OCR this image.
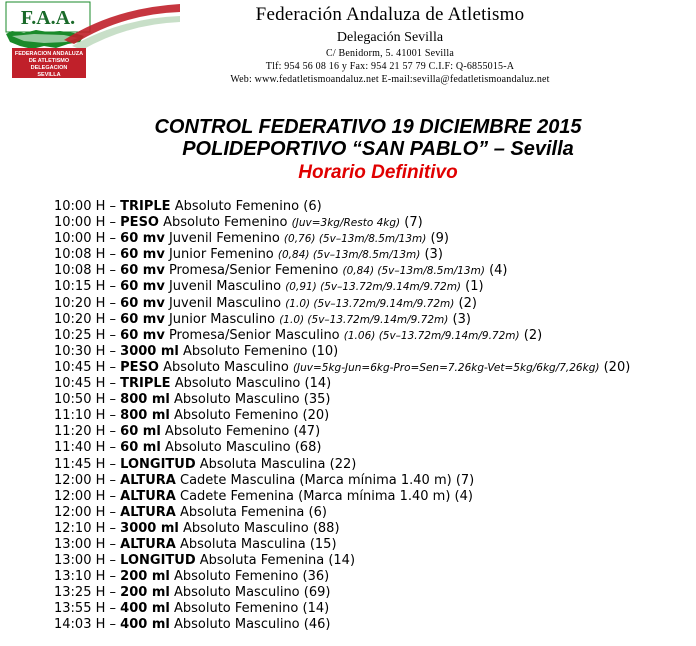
F.A.A.
FEDERACION ANDALUZA
DE ATLETISMO
DELEGACION
SEVILLA
Federación Andaluza de Atletismo
Delegación Sevilla
C/ Benidorm, 5. 41001 Sevilla
Tlf: 954 56 08 16 y Fax: 954 21 57 79 C.I.F: Q-6855015-A
Web: www.fedatletismoandaluz.net E-mail:sevilla@fedatletismoandaluz.net
CONTROL FEDERATIVO 19 DICIEMBRE 2015
POLIDEPORTIVO “SAN PABLO” – Sevilla
Horario Definitivo
10:00 H – TRIPLE Absoluto Femenino (6)
10:00 H – PESO Absoluto Femenino (Juv=3kg/Resto 4kg) (7)
10:00 H – 60 mv Juvenil Femenino (0,76) (5v–13m/8.5m/13m) (9)
10:08 H – 60 mv Junior Femenino (0,84) (5v–13m/8.5m/13m) (3)
10:08 H – 60 mv Promesa/Senior Femenino (0,84) (5v–13m/8.5m/13m) (4)
10:15 H – 60 mv Juvenil Masculino (0,91) (5v–13.72m/9.14m/9.72m) (1)
10:20 H – 60 mv Juvenil Masculino (1.0) (5v–13.72m/9.14m/9.72m) (2)
10:20 H – 60 mv Junior Masculino (1.0) (5v–13.72m/9.14m/9.72m) (3)
10:25 H – 60 mv Promesa/Senior Masculino (1.06) (5v–13.72m/9.14m/9.72m) (2)
10:30 H – 3000 ml Absoluto Femenino (10)
10:45 H – PESO Absoluto Masculino (Juv=5kg-Jun=6kg-Pro=Sen=7.26kg-Vet=5kg/6kg/7,26kg) (20)
10:45 H – TRIPLE Absoluto Masculino (14)
10:50 H – 800 ml Absoluto Masculino (35)
11:10 H – 800 ml Absoluto Femenino (20)
11:20 H – 60 ml Absoluto Femenino (47)
11:40 H – 60 ml Absoluto Masculino (68)
11:45 H – LONGITUD Absoluta Masculina (22)
12:00 H – ALTURA Cadete Masculina (Marca mínima 1.40 m) (7)
12:00 H – ALTURA Cadete Femenina (Marca mínima 1.40 m) (4)
12:00 H – ALTURA Absoluta Femenina (6)
12:10 H – 3000 ml Absoluto Masculino (88)
13:00 H – ALTURA Absoluta Masculina (15)
13:00 H – LONGITUD Absoluta Femenina (14)
13:10 H – 200 ml Absoluto Femenino (36)
13:25 H – 200 ml Absoluto Masculino (69)
13:55 H – 400 ml Absoluto Femenino (14)
14:03 H – 400 ml Absoluto Masculino (46)
